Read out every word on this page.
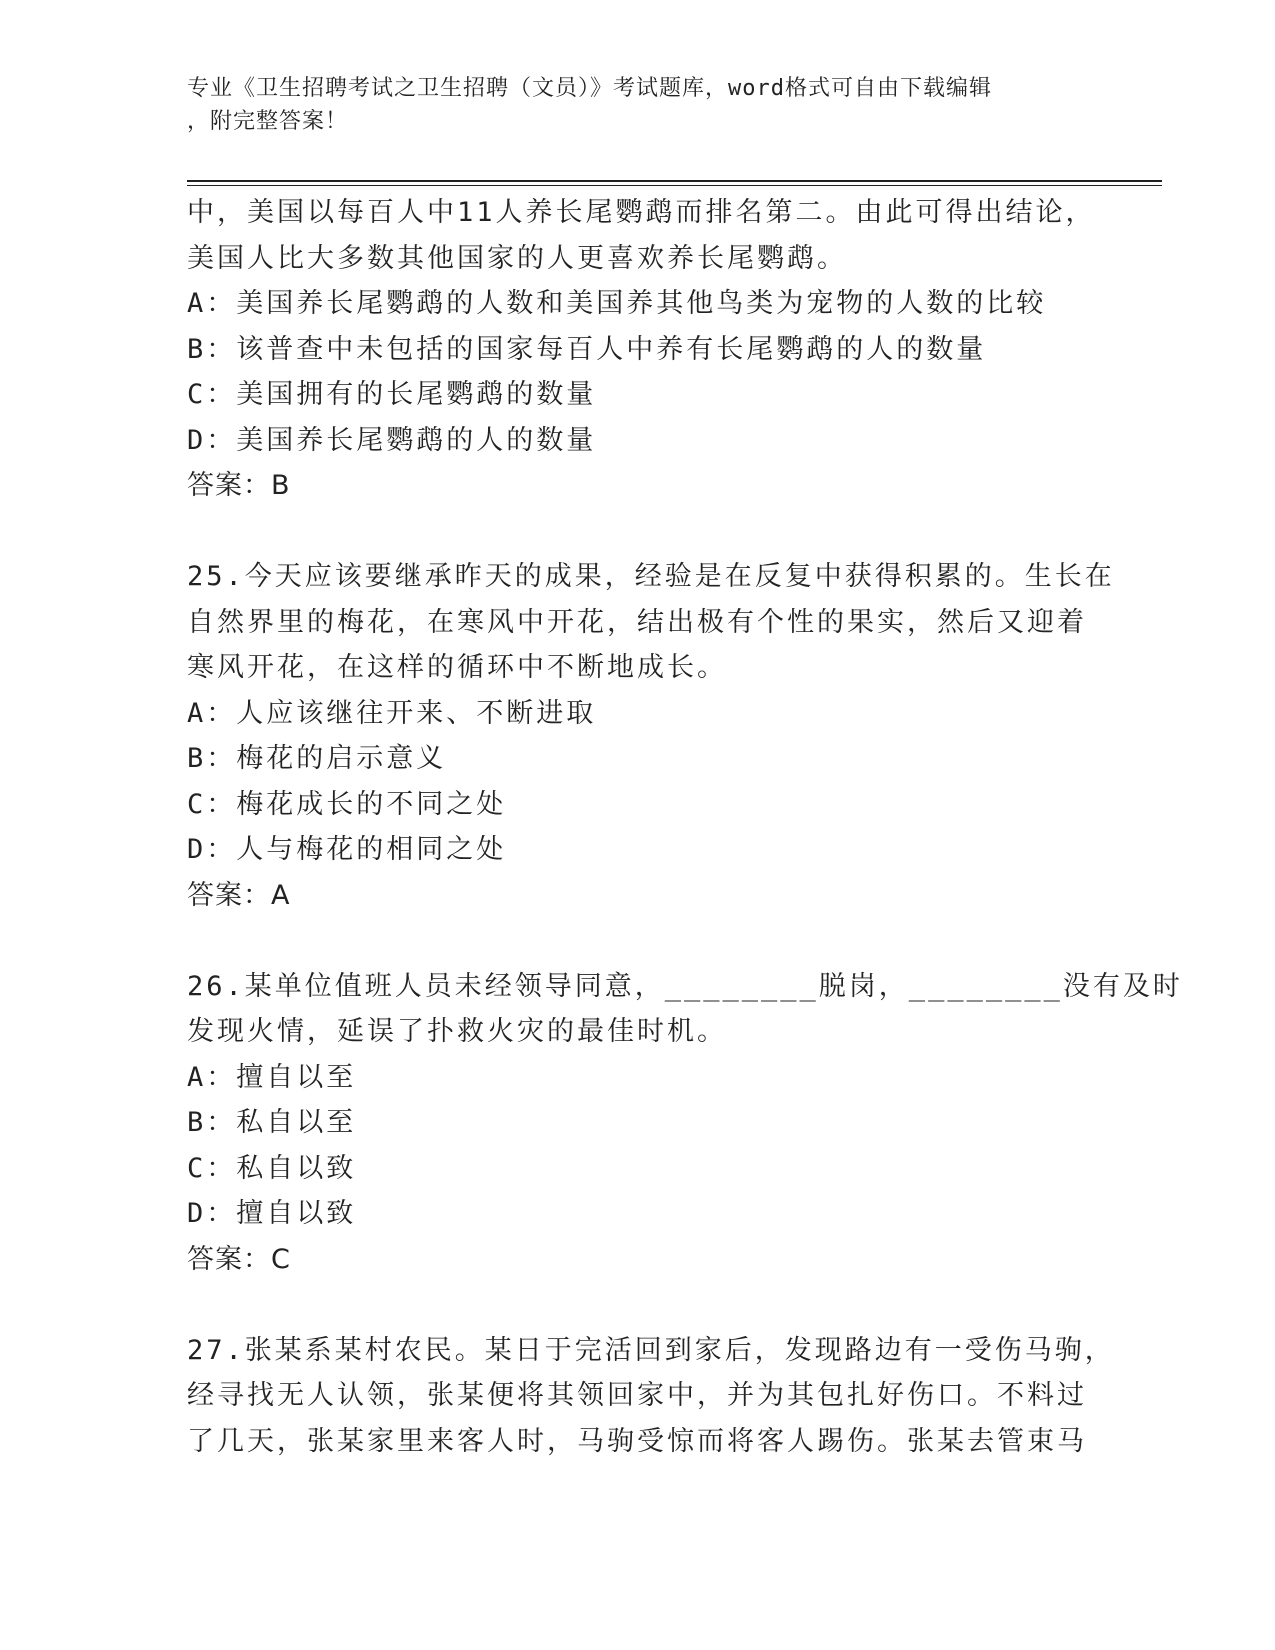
专业《卫生招聘考试之卫生招聘（文员）》考试题库，word格式可自由下载编辑
，附完整答案！
中，美国以每百人中11人养长尾鹦鹉而排名第二。由此可得出结论，
美国人比大多数其他国家的人更喜欢养长尾鹦鹉。
A：美国养长尾鹦鹉的人数和美国养其他鸟类为宠物的人数的比较
B：该普查中未包括的国家每百人中养有长尾鹦鹉的人的数量
C：美国拥有的长尾鹦鹉的数量
D：美国养长尾鹦鹉的人的数量
答案：B
25.今天应该要继承昨天的成果，经验是在反复中获得积累的。生长在
自然界里的梅花，在寒风中开花，结出极有个性的果实，然后又迎着
寒风开花，在这样的循环中不断地成长。
A：人应该继往开来、不断进取
B：梅花的启示意义
C：梅花成长的不同之处
D：人与梅花的相同之处
答案：A
26.某单位值班人员未经领导同意，________脱岗，________没有及时
发现火情，延误了扑救火灾的最佳时机。
A：擅自以至
B：私自以至
C：私自以致
D：擅自以致
答案：C
27.张某系某村农民。某日于完活回到家后，发现路边有一受伤马驹，
经寻找无人认领，张某便将其领回家中，并为其包扎好伤口。不料过
了几天，张某家里来客人时，马驹受惊而将客人踢伤。张某去管束马
